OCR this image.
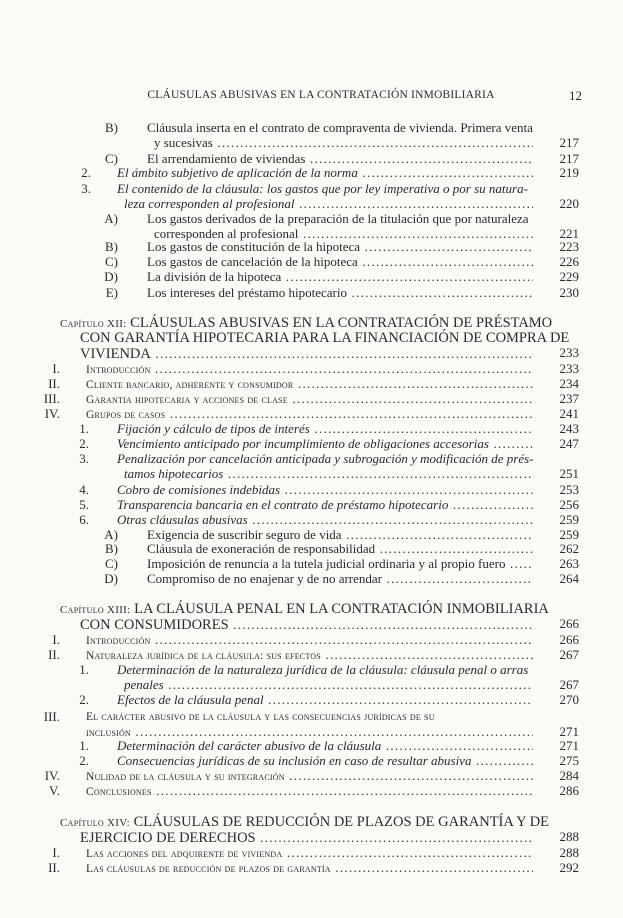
CLÁUSULAS ABUSIVAS EN LA CONTRATACIÓN INMOBILIARIA	12
B) Cláusula inserta en el contrato de compraventa de vivienda. Primera venta
y sucesivas .....	217
C) El arrendamiento de viviendas .....	217
2. El ámbito subjetivo de aplicación de la norma .....	219
3. El contenido de la cláusula: los gastos que por ley imperativa o por su natura-
leza corresponden al profesional .....	220
A) Los gastos derivados de la preparación de la titulación que por naturaleza
corresponden al profesional .....	221
B) Los gastos de constitución de la hipoteca .....	223
C) Los gastos de cancelación de la hipoteca .....	226
D) La división de la hipoteca .....	229
E) Los intereses del préstamo hipotecario .....	230
Capítulo XII: CLÁUSULAS ABUSIVAS EN LA CONTRATACIÓN DE PRÉSTAMO
CON GARANTÍA HIPOTECARIA PARA LA FINANCIACIÓN DE COMPRA DE
VIVIENDA .....	233
I. Introducción .....	233
II. Cliente bancario, adherente y consumidor .....	234
III. Garantia hipotecaria y acciones de clase .....	237
IV. Grupos de casos .....	241
1. Fijación y cálculo de tipos de interés .....	243
2. Vencimiento anticipado por incumplimiento de obligaciones accesorias .....	247
3. Penalización por cancelación anticipada y subrogación y modificación de prés-
tamos hipotecarios .....	251
4. Cobro de comisiones indebidas .....	253
5. Transparencia bancaria en el contrato de préstamo hipotecario .....	256
6. Otras cláusulas abusivas .....	259
A) Exigencia de suscribir seguro de vida .....	259
B) Cláusula de exoneración de responsabilidad .....	262
C) Imposición de renuncia a la tutela judicial ordinaria y al propio fuero .....	263
D) Compromiso de no enajenar y de no arrendar .....	264
Capítulo XIII: LA CLÁUSULA PENAL EN LA CONTRATACIÓN INMOBILIARIA
CON CONSUMIDORES .....	266
I. Introducción .....	266
II. Naturaleza jurídica de la cláusula: sus efectos .....	267
1. Determinación de la naturaleza jurídica de la cláusula: cláusula penal o arras
penales .....	267
2. Efectos de la cláusula penal .....	270
III. El carácter abusivo de la cláusula y las consecuencias jurídicas de su
inclusión .....	271
1. Determinación del carácter abusivo de la cláusula .....	271
2. Consecuencias jurídicas de su inclusión en caso de resultar abusiva .....	275
IV. Nulidad de la cláusula y su integración .....	284
V. Conclusiones .....	286
Capítulo XIV: CLÁUSULAS DE REDUCCIÓN DE PLAZOS DE GARANTÍA Y DE
EJERCICIO DE DERECHOS .....	288
I. Las acciones del adquirente de vivienda .....	288
II. Las cláusulas de reducción de plazos de garantía .....	292
